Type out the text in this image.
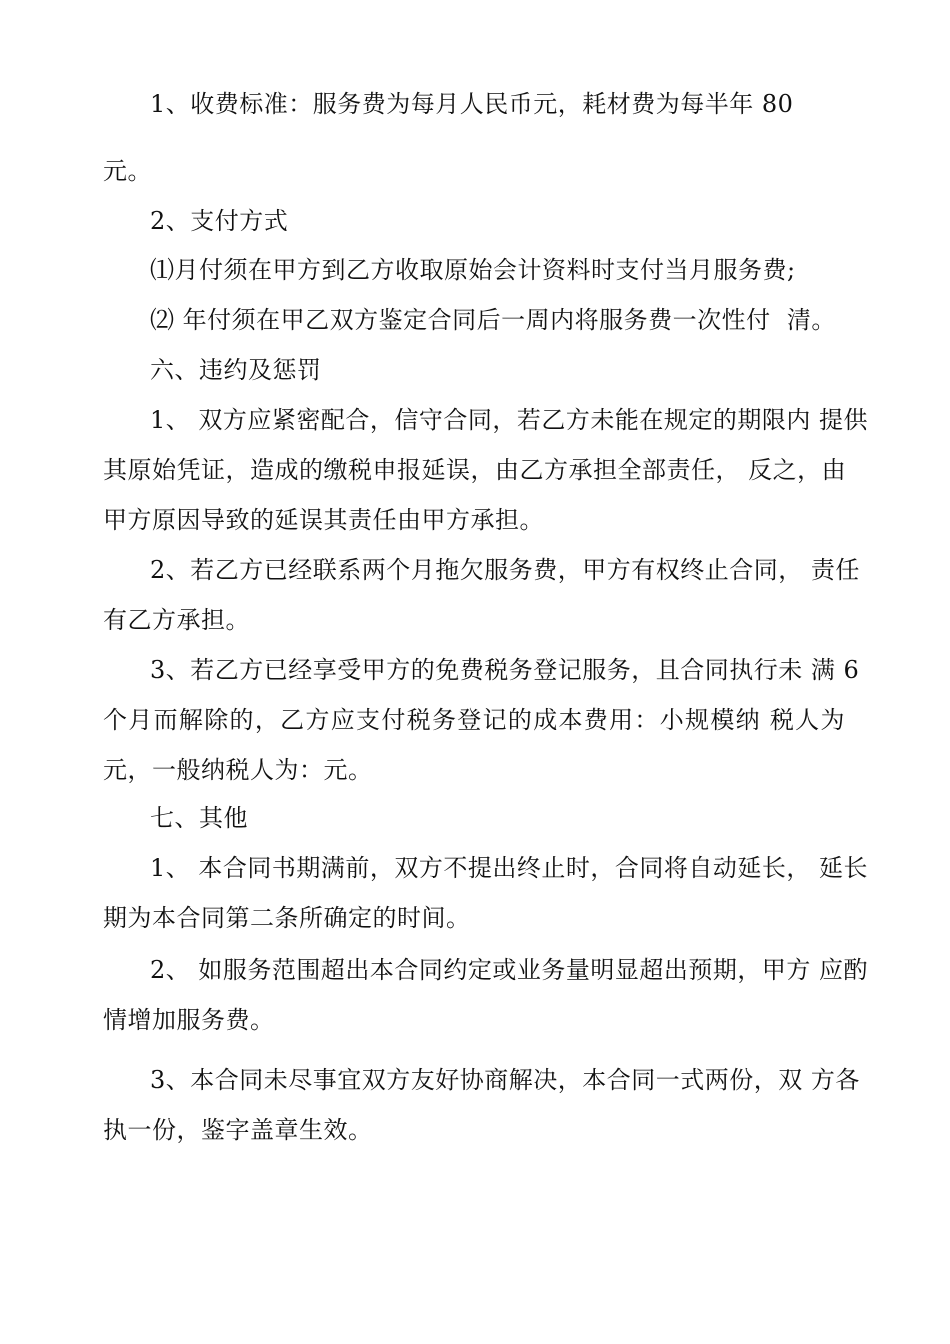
1、收费标准：服务费为每月人民币元，耗材费为每半年 80
元。
2、支付方式
⑴月付须在甲方到乙方收取原始会计资料时支付当月服务费;
⑵ 年付须在甲乙双方鉴定合同后一周内将服务费一次性付  清。
六、违约及惩罚
1、 双方应紧密配合，信守合同，若乙方未能在规定的期限内 提供
其原始凭证，造成的缴税申报延误，由乙方承担全部责任， 反之，由
甲方原因导致的延误其责任由甲方承担。
2、若乙方已经联系两个月拖欠服务费，甲方有权终止合同， 责任
有乙方承担。
3、若乙方已经享受甲方的免费税务登记服务，且合同执行未 满 6
个月而解除的，乙方应支付税务登记的成本费用：小规模纳 税人为
元，一般纳税人为：元。
七、其他
1、 本合同书期满前，双方不提出终止时，合同将自动延长， 延长
期为本合同第二条所确定的时间。
2、 如服务范围超出本合同约定或业务量明显超出预期，甲方 应酌
情增加服务费。
3、本合同未尽事宜双方友好协商解决，本合同一式两份，双 方各
执一份，鉴字盖章生效。
